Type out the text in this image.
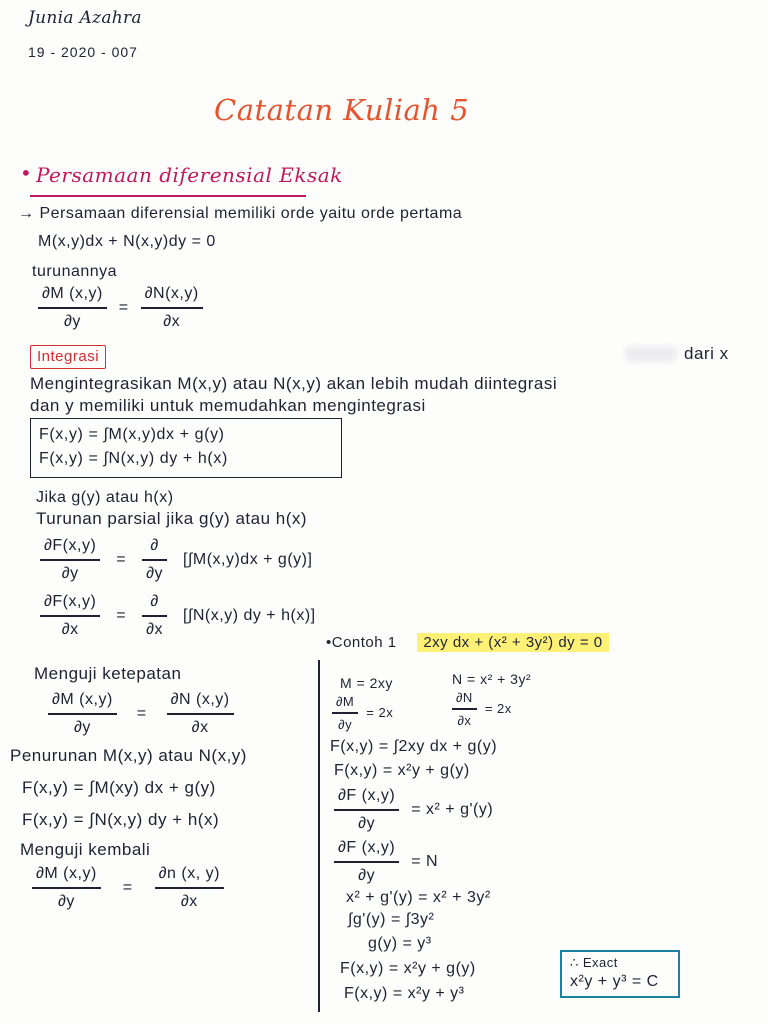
Junia Azahra
19 - 2020 - 007
Catatan Kuliah 5
• Persamaan diferensial Eksak
→ Persamaan diferensial memiliki orde yaitu orde pertama
M(x,y)dx + N(x,y)dy = 0
turunannya
$\frac{\partial M (x,y)}{\partial y} = \frac{\partial N(x,y)}{\partial x}$
Integrasi
Mengintegrasikan M(x,y) atau N(x,y) akan lebih mudah diintegrasi
dari x
dan y memiliki untuk memudahkan mengintegrasi
F(x,y) = ∫M(x,y)dx + g(y)
F(x,y) = ∫N(x,y) dy + h(x)
Jika g(y) atau h(x)
Turunan parsial jika g(y) atau h(x)
$\frac{\partial F(x,y)}{\partial y} = \frac{\partial}{\partial y} [\int M(x,y)dx + g(y)]$
$\frac{\partial F(x,y)}{\partial x} = \frac{\partial}{\partial x} [\int N(x,y)$ dy + h(x)]
Menguji ketepatan
$\frac{\partial M (x,y)}{\partial y} = \frac{\partial N (x,y)}{\partial x}$
Penurunan M(x,y) atau N(x,y)
F(x,y) = ∫M(xy) dx + g(y)
F(x,y) = ∫N(x,y) dy + h(x)
Menguji kembali
$\frac{\partial M (x,y)}{\partial y} = \frac{\partial n (x, y)}{\partial x}$
•Contoh 1 2xy dx + (x² + 3y²) dy = 0
M = 2xy	N = x² + 3y²
$\frac{\partial M}{\partial y} = 2x$	$\frac{\partial N}{\partial x} = 2x$
F(x,y) = ∫2xy dx + g(y)
F(x,y) = x²y + g(y)
$\frac{\partial F (x,y)}{\partial y} = x^2 + g'(y)$
$\frac{\partial F (x,y)}{\partial y} = N$
x² + g'(y) = x² + 3y²
∫g'(y) = ∫3y²
g(y) = y³
F(x,y) = x²y + g(y)
F(x,y) = x²y + y³
∴ Exact
x²y + y³ = C
